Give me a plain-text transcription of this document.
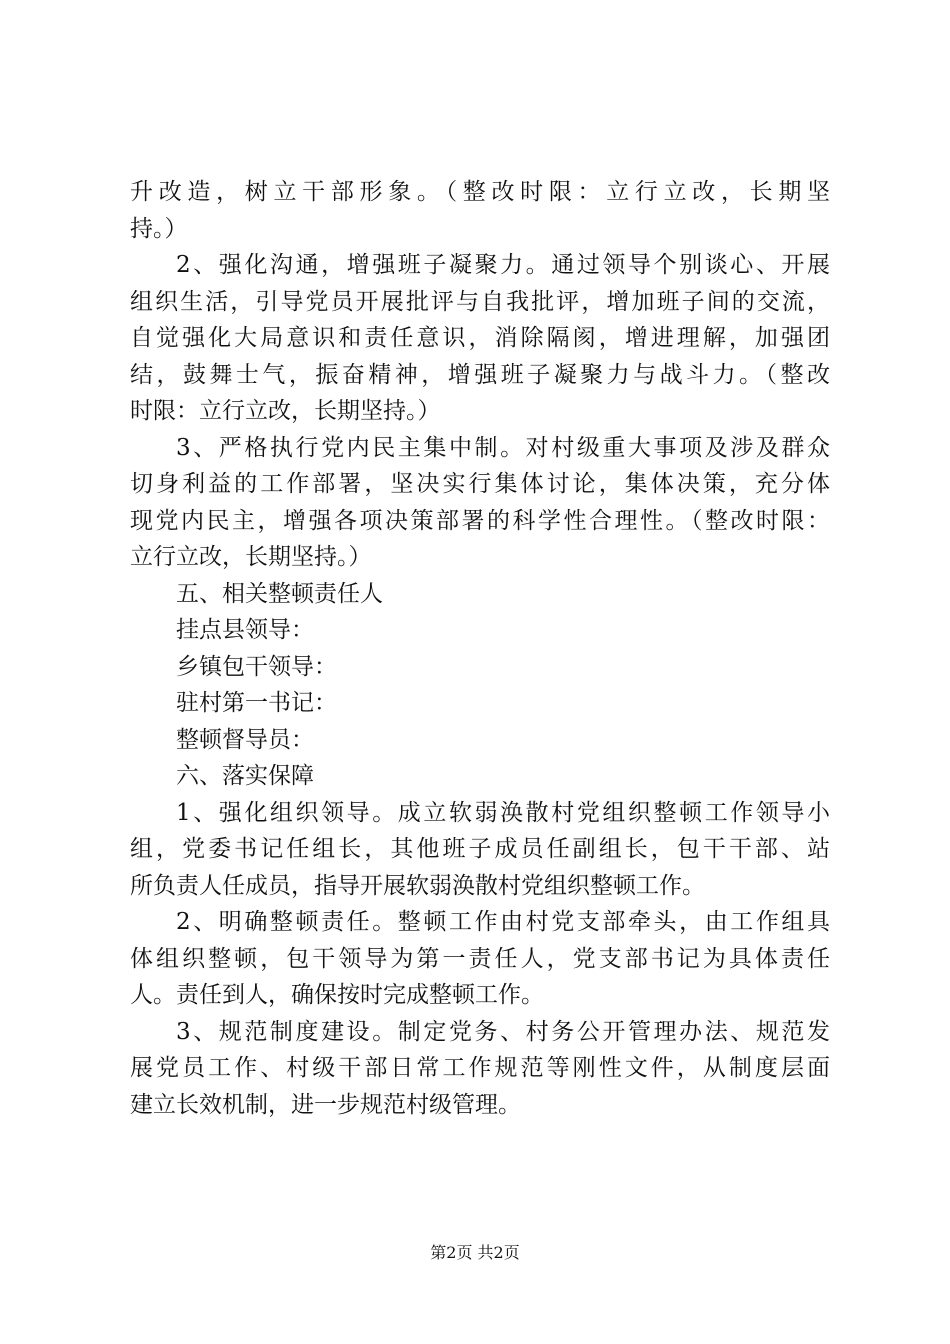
升改造，树立干部形象。（整改时限：立行立改，长期坚
持。）
2、强化沟通，增强班子凝聚力。通过领导个别谈心、开展
组织生活，引导党员开展批评与自我批评，增加班子间的交流，
自觉强化大局意识和责任意识，消除隔阂，增进理解，加强团
结，鼓舞士气，振奋精神，增强班子凝聚力与战斗力。（整改
时限：立行立改，长期坚持。）
3、严格执行党内民主集中制。对村级重大事项及涉及群众
切身利益的工作部署，坚决实行集体讨论，集体决策，充分体
现党内民主，增强各项决策部署的科学性合理性。（整改时限：
立行立改，长期坚持。）
五、相关整顿责任人
挂点县领导：
乡镇包干领导：
驻村第一书记：
整顿督导员：
六、落实保障
1、强化组织领导。成立软弱涣散村党组织整顿工作领导小
组，党委书记任组长，其他班子成员任副组长，包干干部、站
所负责人任成员，指导开展软弱涣散村党组织整顿工作。
2、明确整顿责任。整顿工作由村党支部牵头，由工作组具
体组织整顿，包干领导为第一责任人，党支部书记为具体责任
人。责任到人，确保按时完成整顿工作。
3、规范制度建设。制定党务、村务公开管理办法、规范发
展党员工作、村级干部日常工作规范等刚性文件，从制度层面
建立长效机制，进一步规范村级管理。
第2页 共2页
